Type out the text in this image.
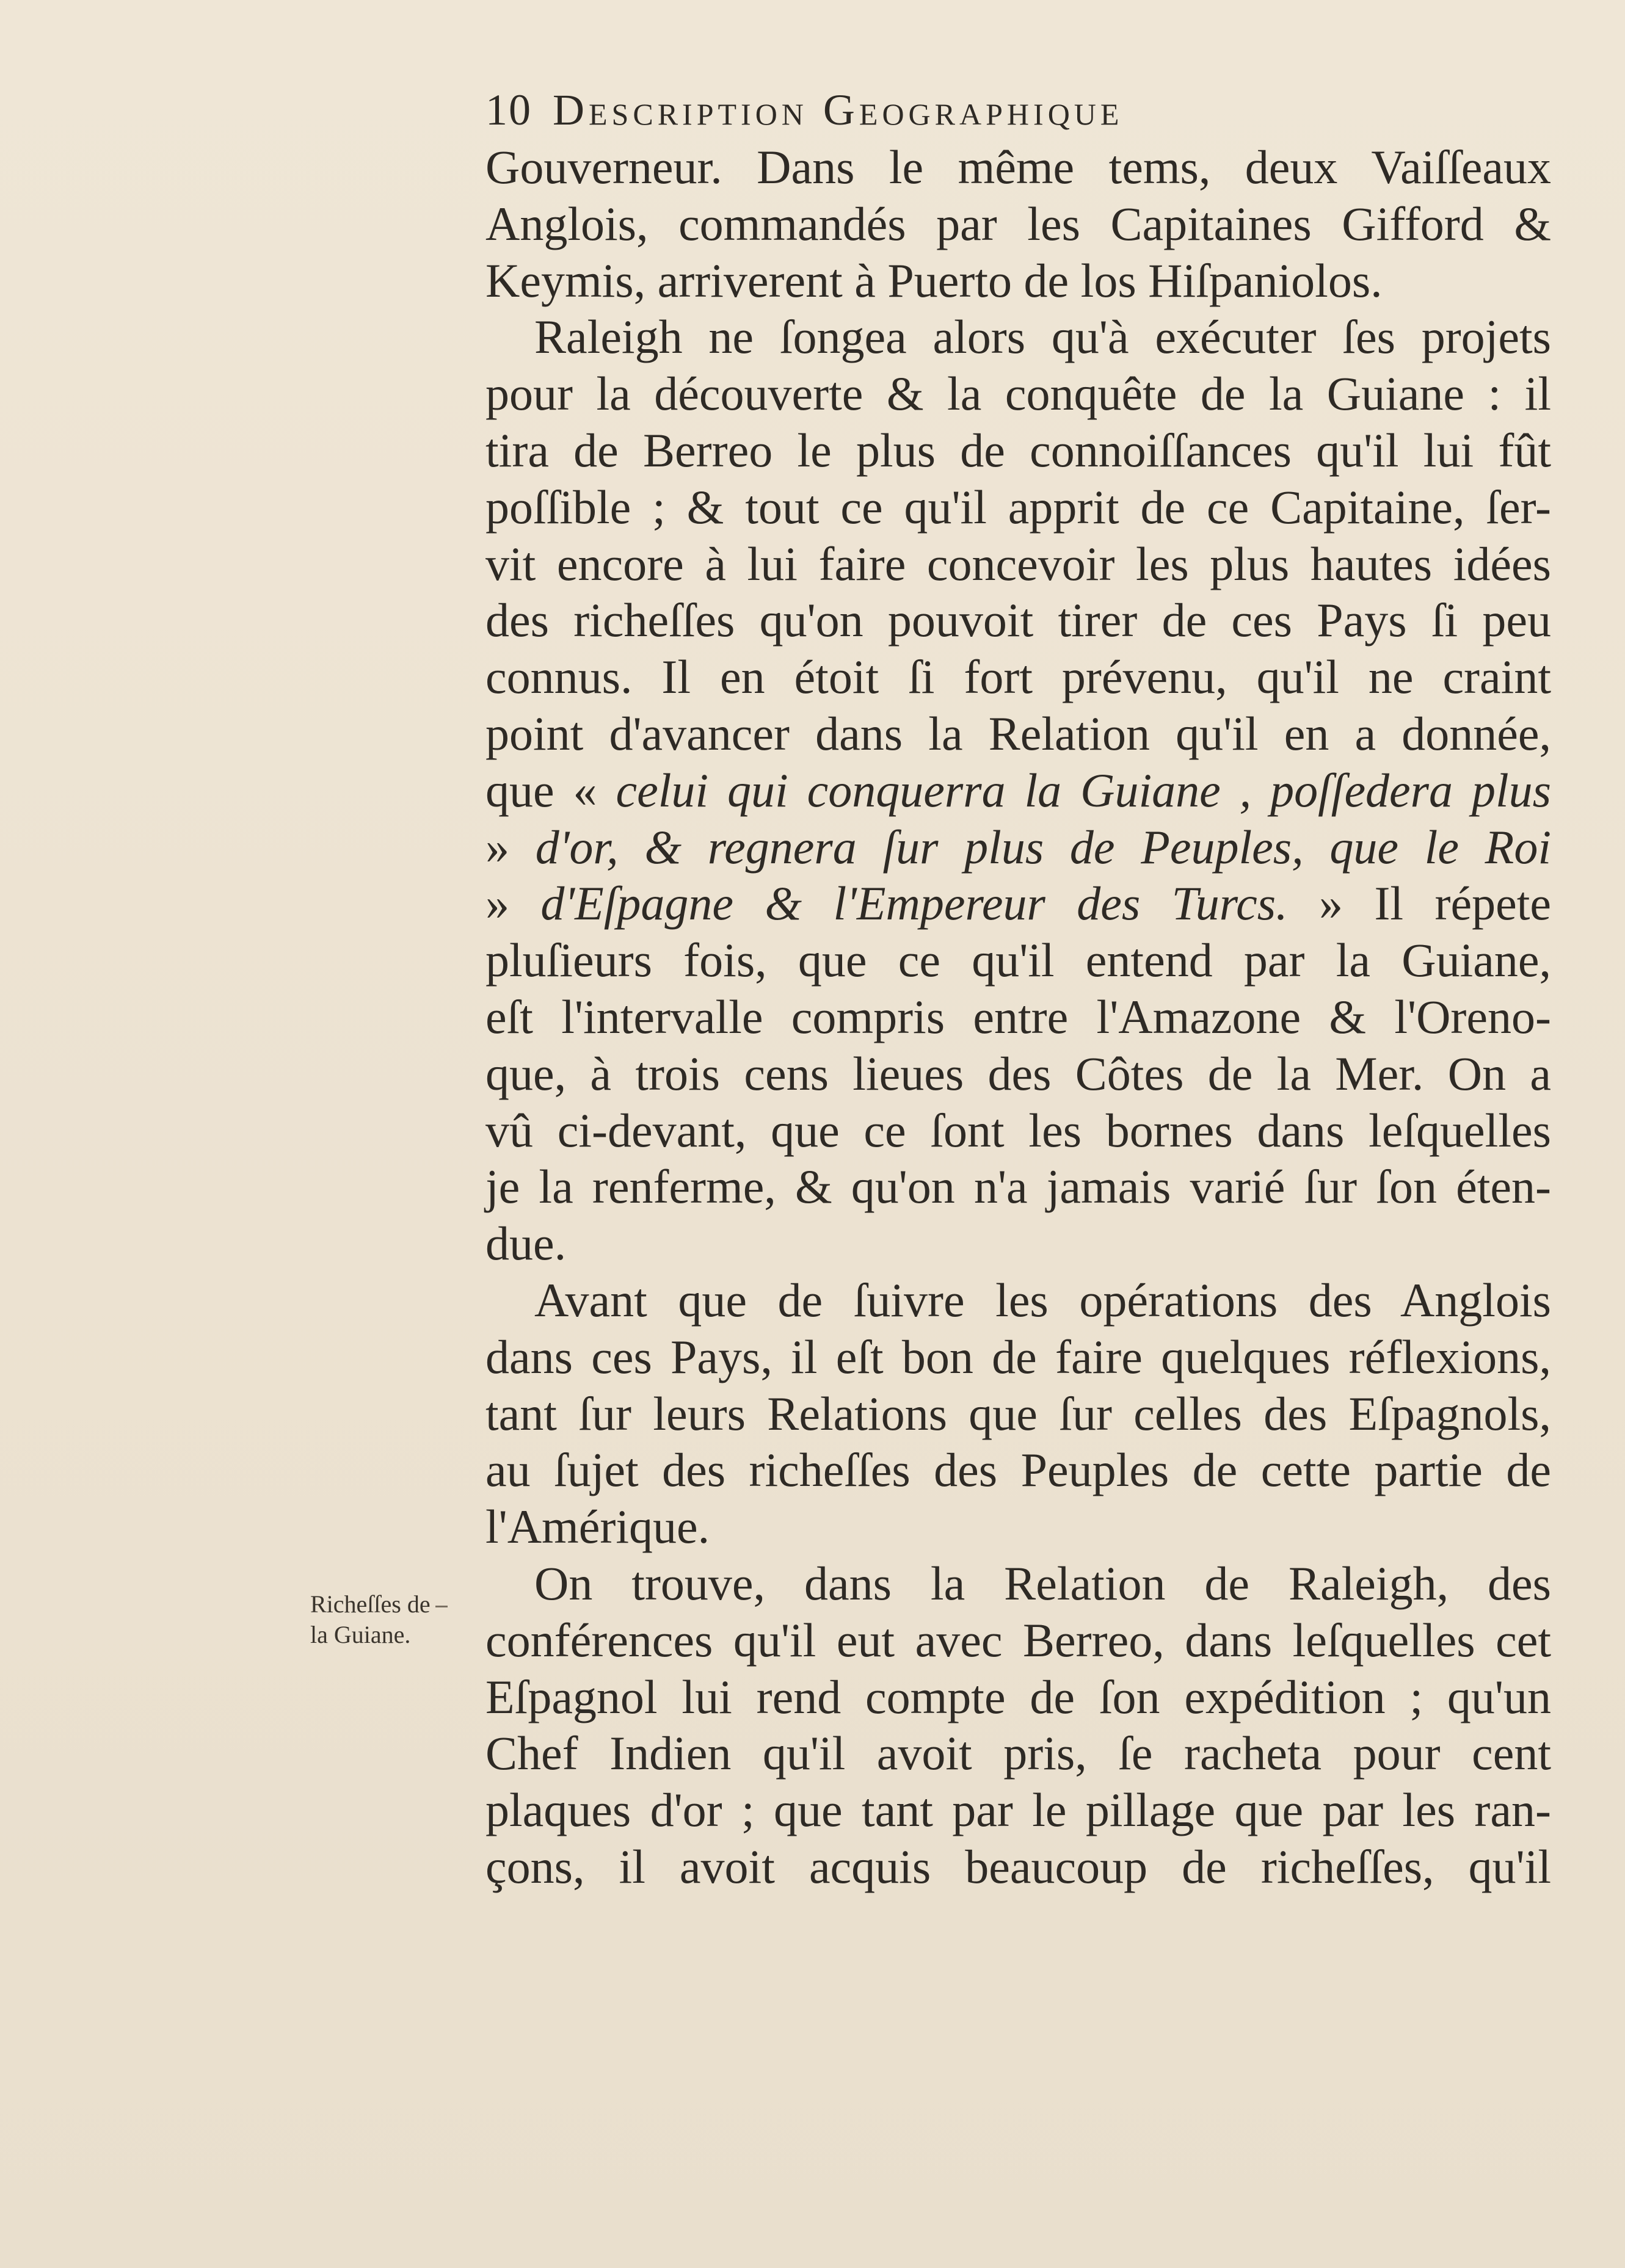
10 Description Geographique
Richeſſes de
la Guiane.
Gouverneur. Dans le même tems, deux Vaiſſeaux
Anglois, commandés par les Capitaines Gifford &
Keymis, arriverent à Puerto de los Hiſpaniolos.
Raleigh ne ſongea alors qu'à exécuter ſes projets
pour la découverte & la conquête de la Guiane : il
tira de Berreo le plus de connoiſſances qu'il lui fût
poſſible ; & tout ce qu'il apprit de ce Capitaine, ſer-
vit encore à lui faire concevoir les plus hautes idées
des richeſſes qu'on pouvoit tirer de ces Pays ſi peu
connus. Il en étoit ſi fort prévenu, qu'il ne craint
point d'avancer dans la Relation qu'il en a donnée,
que « celui qui conquerra la Guiane , poſſedera plus
» d'or, & regnera ſur plus de Peuples, que le Roi
» d'Eſpagne & l'Empereur des Turcs. » Il répete
pluſieurs fois, que ce qu'il entend par la Guiane,
eſt l'intervalle compris entre l'Amazone & l'Oreno-
que, à trois cens lieues des Côtes de la Mer. On a
vû ci-devant, que ce ſont les bornes dans leſquelles
je la renferme, & qu'on n'a jamais varié ſur ſon éten-
due.
Avant que de ſuivre les opérations des Anglois
dans ces Pays, il eſt bon de faire quelques réflexions,
tant ſur leurs Relations que ſur celles des Eſpagnols,
au ſujet des richeſſes des Peuples de cette partie de
l'Amérique.
On trouve, dans la Relation de Raleigh, des
conférences qu'il eut avec Berreo, dans leſquelles cet
Eſpagnol lui rend compte de ſon expédition ; qu'un
Chef Indien qu'il avoit pris, ſe racheta pour cent
plaques d'or ; que tant par le pillage que par les ran-
çons, il avoit acquis beaucoup de richeſſes, qu'il
